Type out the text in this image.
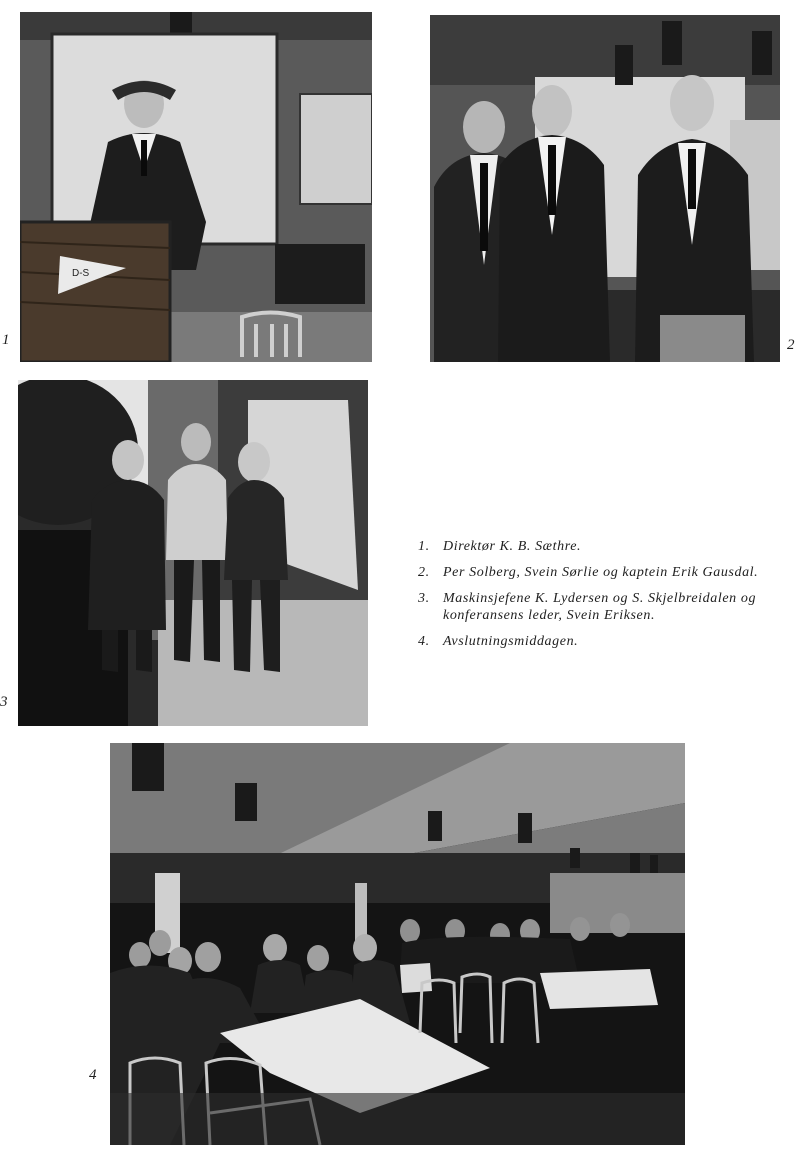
D-S
1	2
3
1. Direktør K. B. Sæthre.
2. Per Solberg, Svein Sørlie og kaptein Erik Gausdal.
3. Maskinsjefene K. Lydersen og S. Skjelbreidalen og konferansens leder, Svein Eriksen.
4. Avslutningsmiddagen.
4
